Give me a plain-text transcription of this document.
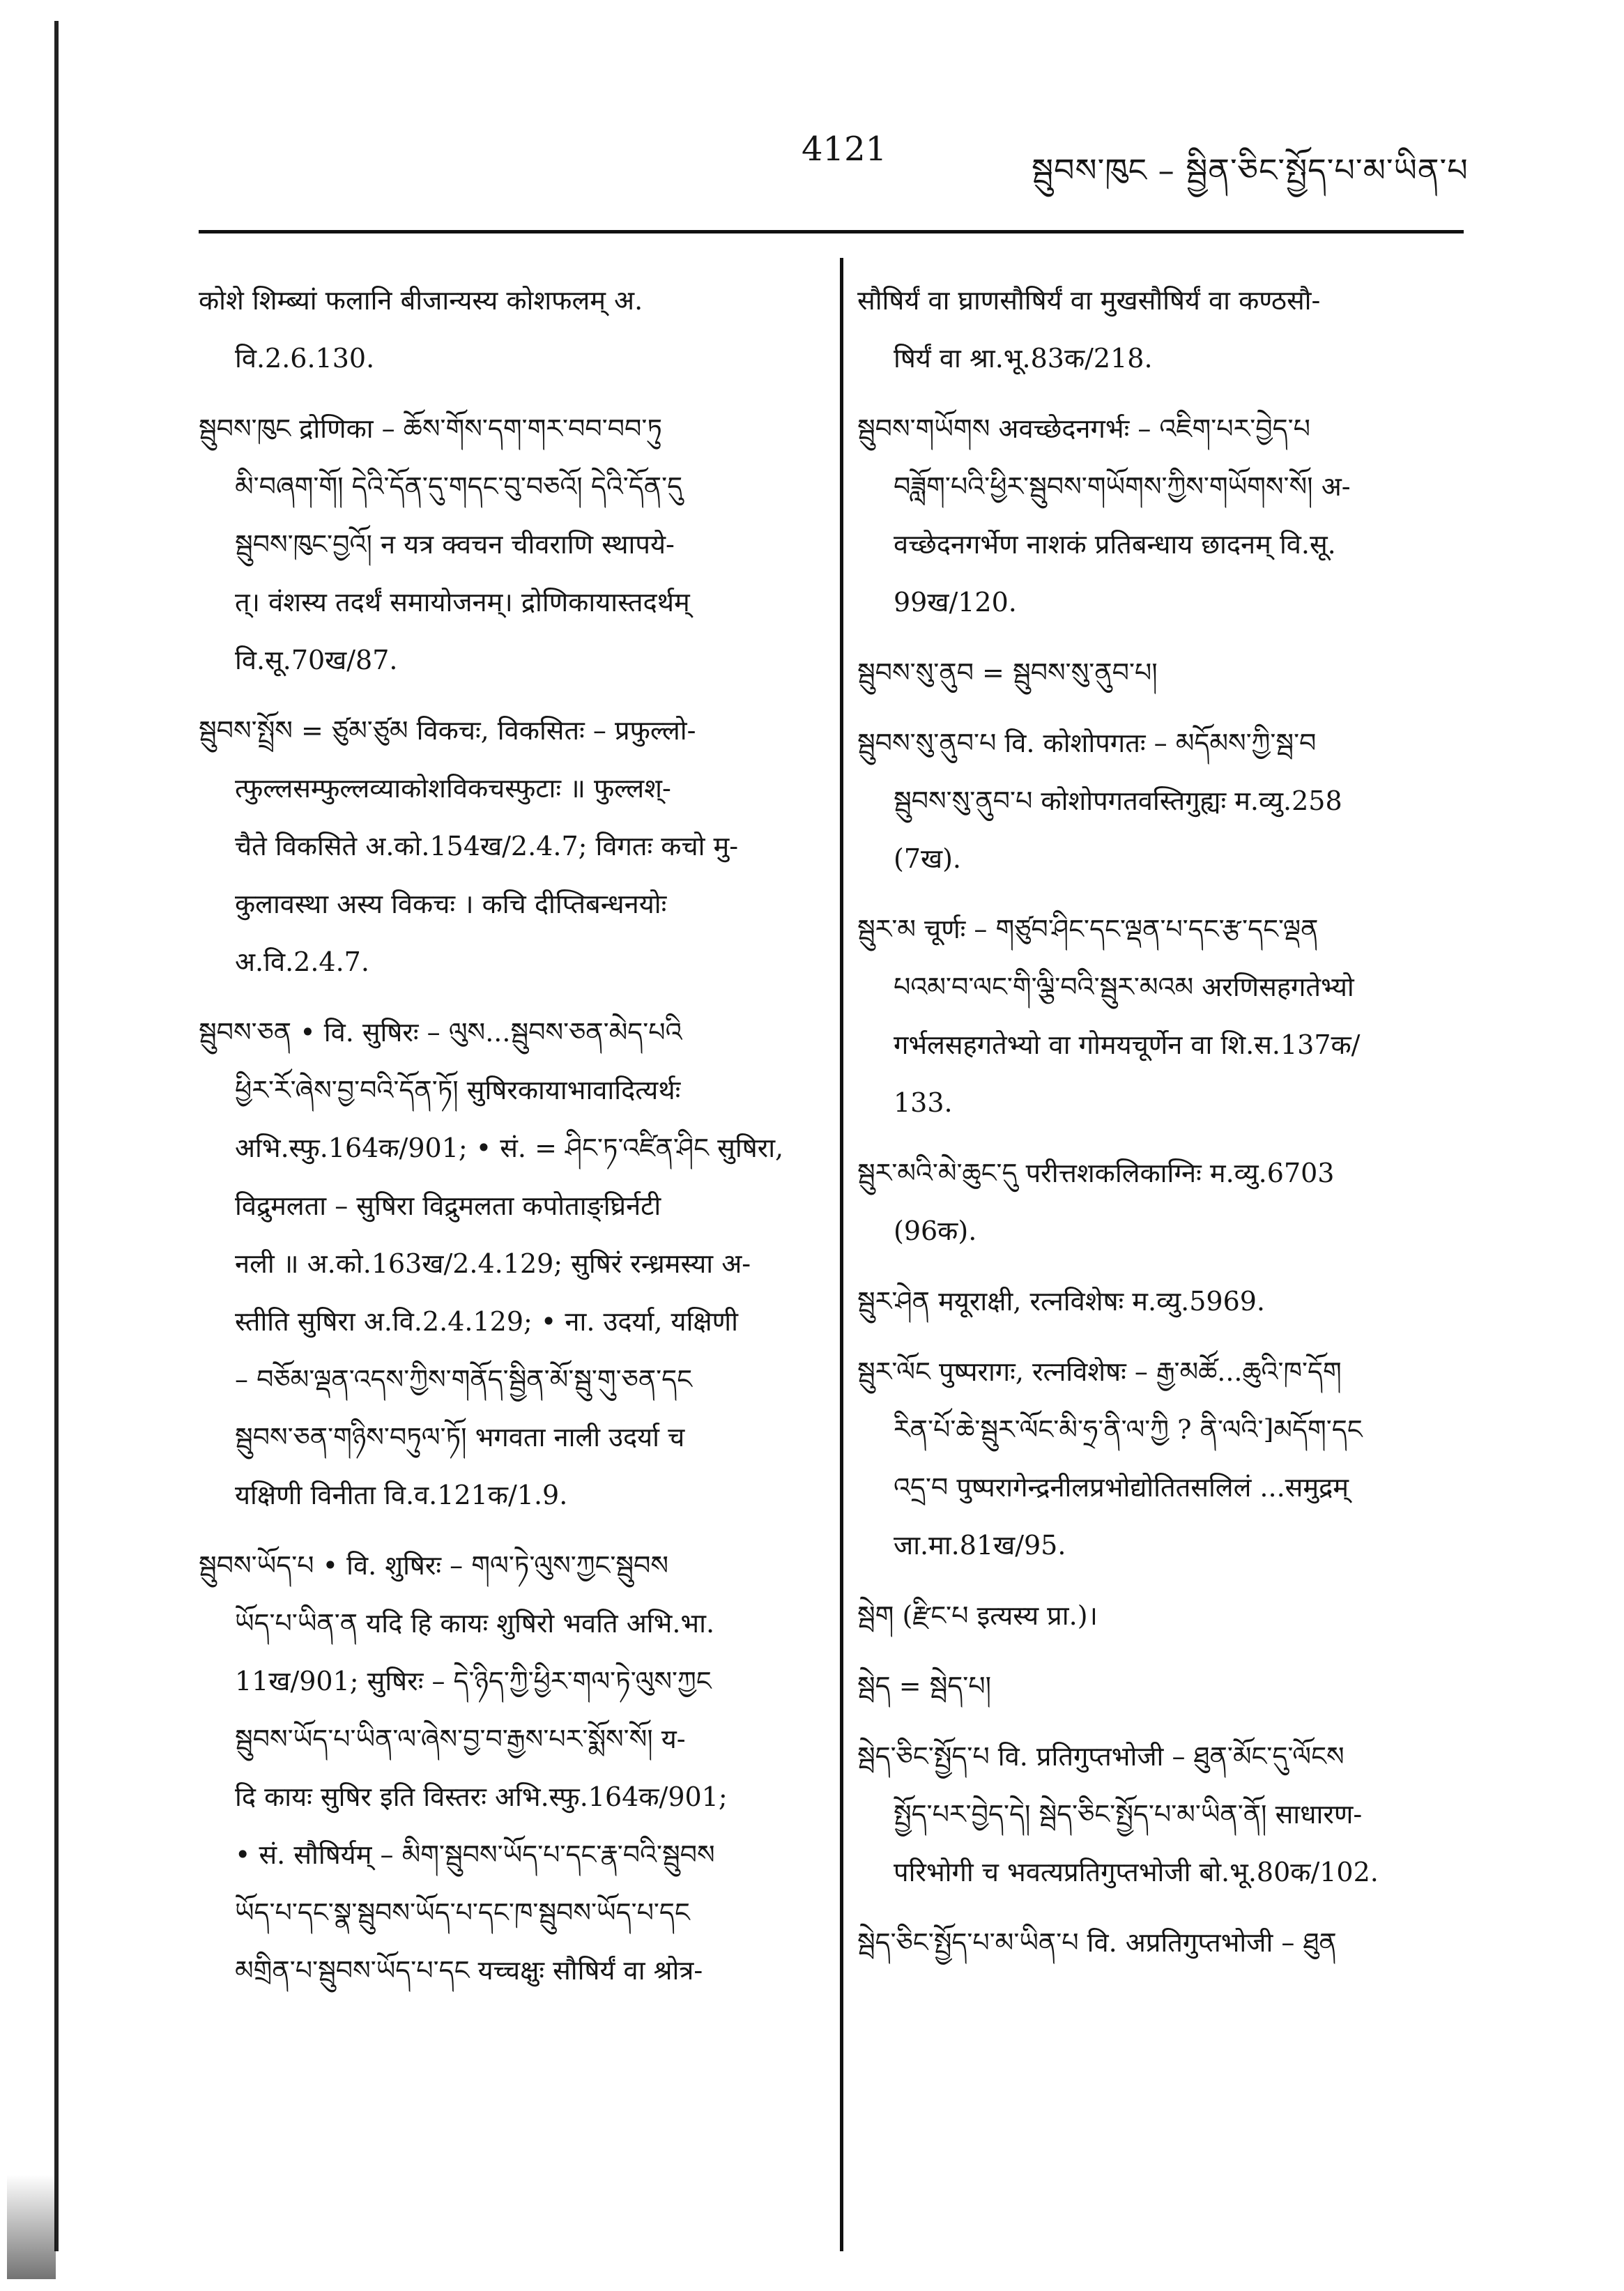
4121
སྦུབས་ཁུང – སྦྱིན་ཅིང་སྤྱོད་པ་མ་ཡིན་པ
कोशे शिम्ब्यां फलानि बीजान्यस्य कोशफलम् अ.
वि.2.6.130.
སྦུབས་ཁུང द्रोणिका – ཆོས་གོས་དག་གར་བབ་བབ་ཏུ
མི་བཞག་གོ། དེའི་དོན་དུ་གདང་བུ་བཅའོ། དེའི་དོན་དུ
སྦུབས་ཁུང་བྱའོ། न यत्र क्वचन चीवराणि स्थापये-
त्। वंशस्य तदर्थं समायोजनम्। द्रोणिकायास्तदर्थम्
वि.सू.70ख/87.
སྦུབས་སྤྲོས = ཙུམ་ཙུམ विकचः, विकसितः – प्रफुल्लो-
त्फुल्लसम्फुल्लव्याकोशविकचस्फुटाः ॥ फुल्लश्-
चैते विकसिते अ.को.154ख/2.4.7; विगतः कचो मु-
कुलावस्था अस्य विकचः । कचि दीप्तिबन्धनयोः
अ.वि.2.4.7.
སྦུབས་ཅན • वि. सुषिरः – ལུས...སྦུབས་ཅན་མེད་པའི
ཕྱིར་རོ་ཞེས་བྱ་བའི་དོན་ཏོ། सुषिरकायाभावादित्यर्थः
अभि.स्फु.164क/901; • सं. = ཤིང་ཏ་འཛིན་ཤིང सुषिरा,
विद्रुमलता – सुषिरा विद्रुमलता कपोताङ्घ्रिर्नटी
नली ॥ अ.को.163ख/2.4.129; सुषिरं रन्ध्रमस्या अ-
स्तीति सुषिरा अ.वि.2.4.129; • ना. उदर्या, यक्षिणी
– བཅོམ་ལྡན་འདས་ཀྱིས་གནོད་སྦྱིན་མོ་སྦུ་གུ་ཅན་དང
སྦུབས་ཅན་གཉིས་བཏུལ་ཏོ། भगवता नाली उदर्या च
यक्षिणी विनीता वि.व.121क/1.9.
སྦུབས་ཡོད་པ • वि. शुषिरः – གལ་ཏེ་ལུས་ཀྱང་སྦུབས
ཡོད་པ་ཡིན་ན यदि हि कायः शुषिरो भवति अभि.भा.
11ख/901; सुषिरः – དེ་ཉིད་ཀྱི་ཕྱིར་གལ་ཏེ་ལུས་ཀྱང
སྦུབས་ཡོད་པ་ཡིན་ལ་ཞེས་བྱ་བ་རྒྱས་པར་སྨོས་སོ། य-
दि कायः सुषिर इति विस्तरः अभि.स्फु.164क/901;
• सं. सौषिर्यम् – མིག་སྦུབས་ཡོད་པ་དང་རྣ་བའི་སྦུབས
ཡོད་པ་དང་སྣ་སྦུབས་ཡོད་པ་དང་ཁ་སྦུབས་ཡོད་པ་དང
མགྲིན་པ་སྦུབས་ཡོད་པ་དང यच्चक्षुः सौषिर्यं वा श्रोत्र-
सौषिर्यं वा घ्राणसौषिर्यं वा मुखसौषिर्यं वा कण्ठसौ-
षिर्यं वा श्रा.भू.83क/218.
སྦུབས་གཡོགས अवच्छेदनगर्भः – འཇིག་པར་བྱེད་པ
བཟློག་པའི་ཕྱིར་སྦུབས་གཡོགས་ཀྱིས་གཡོགས་སོ། अ-
वच्छेदनगर्भेण नाशकं प्रतिबन्धाय छादनम् वि.सू.
99ख/120.
སྦུབས་སུ་ནུབ = སྦུབས་སུ་ནུབ་པ།
སྦུབས་སུ་ནུབ་པ वि. कोशोपगतः – མདོམས་ཀྱི་སྦ་བ
སྦུབས་སུ་ནུབ་པ कोशोपगतवस्तिगुह्यः म.व्यु.258
(7ख).
སྦུར་མ चूर्णः – གཙུབ་ཤིང་དང་ལྡན་པ་དང་རྩ་དང་ལྡན
པའམ་བ་ལང་གི་ལྕི་བའི་སྦུར་མའམ अरणिसहगतेभ्यो
गर्भलसहगतेभ्यो वा गोमयचूर्णेन वा शि.स.137क/
133.
སྦུར་མའི་མེ་ཆུང་དུ परीत्तशकलिकाग्निः म.व्यु.6703
(96क).
སྦུར་ཤེན मयूराक्षी, रत्नविशेषः म.व्यु.5969.
སྦུར་ལོང पुष्परागः, रत्नविशेषः – རྒྱ་མཚོ...ཆུའི་ཁ་དོག
རིན་པོ་ཆེ་སྦུར་ལོང་མི་ཧྲ་ནི་ལ་ཀྱི ? ནི་ལའི་]མདོག་དང
འདྲ་བ पुष्परागेन्द्रनीलप्रभोद्योतितसलिलं ...समुद्रम्
जा.मा.81ख/95.
སྦེག (རྫིང་པ इत्यस्य प्रा.)।
སྦེད = སྦེད་པ།
སྦེད་ཅིང་སྤྱོད་པ वि. प्रतिगुप्तभोजी – ཐུན་མོང་དུ་ལོངས
སྤྱོད་པར་བྱེད་དེ། སྦེད་ཅིང་སྤྱོད་པ་མ་ཡིན་ནོ། साधारण-
परिभोगी च भवत्यप्रतिगुप्तभोजी बो.भू.80क/102.
སྦེད་ཅིང་སྤྱོད་པ་མ་ཡིན་པ वि. अप्रतिगुप्तभोजी – ཐུན
